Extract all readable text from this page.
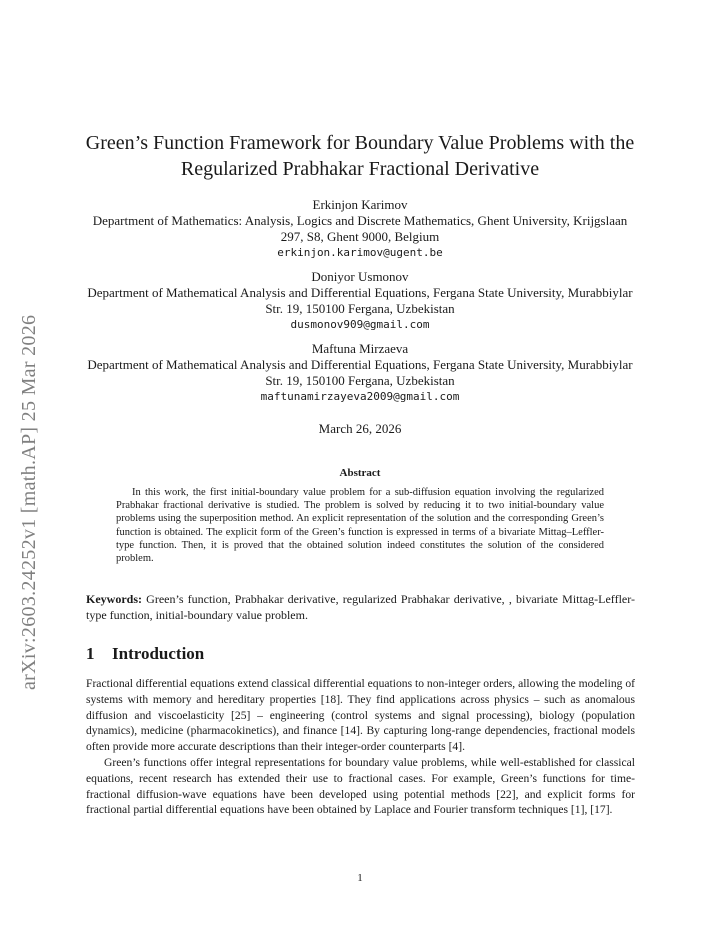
arXiv:2603.24252v1 [math.AP] 25 Mar 2026
Green’s Function Framework for Boundary Value Problems with the Regularized Prabhakar Fractional Derivative
Erkinjon Karimov
Department of Mathematics: Analysis, Logics and Discrete Mathematics, Ghent University, Krijgslaan 297, S8, Ghent 9000, Belgium
erkinjon.karimov@ugent.be
Doniyor Usmonov
Department of Mathematical Analysis and Differential Equations, Fergana State University, Murabbiylar Str. 19, 150100 Fergana, Uzbekistan
dusmonov909@gmail.com
Maftuna Mirzaeva
Department of Mathematical Analysis and Differential Equations, Fergana State University, Murabbiylar Str. 19, 150100 Fergana, Uzbekistan
maftunamirzayeva2009@gmail.com
March 26, 2026
Abstract
In this work, the first initial-boundary value problem for a sub-diffusion equation involving the regularized Prabhakar fractional derivative is studied. The problem is solved by reducing it to two initial-boundary value problems using the superposition method. An explicit representation of the solution and the corresponding Green’s function is obtained. The explicit form of the Green’s function is expressed in terms of a bivariate Mittag–Leffler-type function. Then, it is proved that the obtained solution indeed constitutes the solution of the considered problem.
Keywords: Green’s function, Prabhakar derivative, regularized Prabhakar derivative, , bivariate Mittag-Leffler-type function, initial-boundary value problem.
1 Introduction
Fractional differential equations extend classical differential equations to non-integer orders, allowing the modeling of systems with memory and hereditary properties [18]. They find applications across physics – such as anomalous diffusion and viscoelasticity [25] – engineering (control systems and signal processing), biology (population dynamics), medicine (pharmacokinetics), and finance [14]. By capturing long-range dependencies, fractional models often provide more accurate descriptions than their integer-order counterparts [4].
Green’s functions offer integral representations for boundary value problems, while well-established for classical equations, recent research has extended their use to fractional cases. For example, Green’s functions for time-fractional diffusion-wave equations have been developed using potential methods [22], and explicit forms for fractional partial differential equations have been obtained by Laplace and Fourier transform techniques [1], [17].
1
